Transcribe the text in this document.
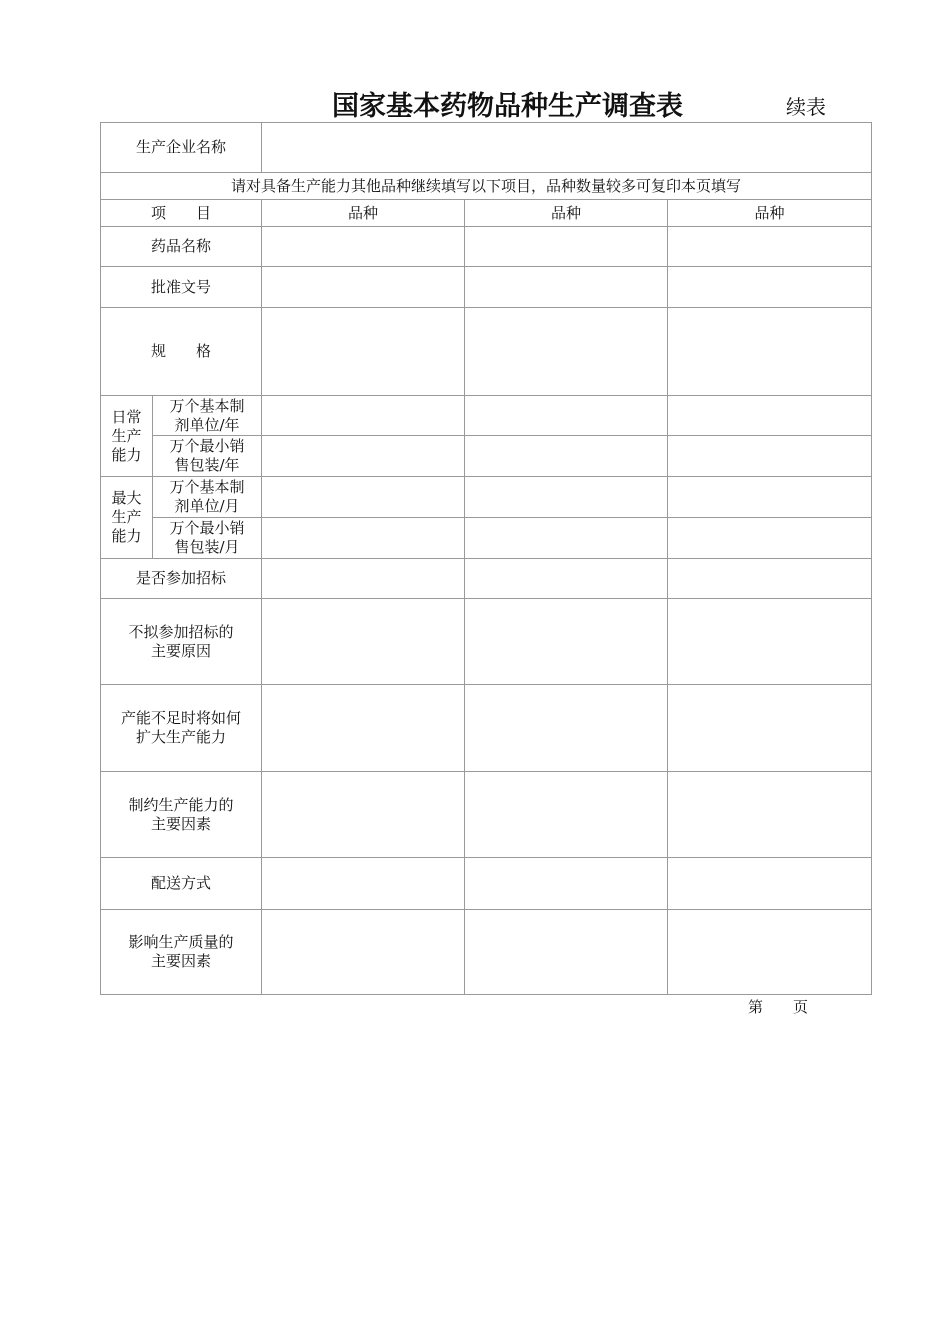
国家基本药物品种生产调查表	续表
生产企业名称				
请对具备生产能力其他品种继续填写以下项目，品种数量较多可复印本页填写				
项　　目		品种	品种	品种
药品名称				
批准文号				
规　　格				
日常生产能力	万个基本制剂单位/年			
	万个最小销售包装/年			
最大生产能力	万个基本制剂单位/月			
	万个最小销售包装/月			
是否参加招标				
不拟参加招标的主要原因				
产能不足时将如何扩大生产能力				
制约生产能力的主要因素				
配送方式				
影响生产质量的主要因素				
第　　页
